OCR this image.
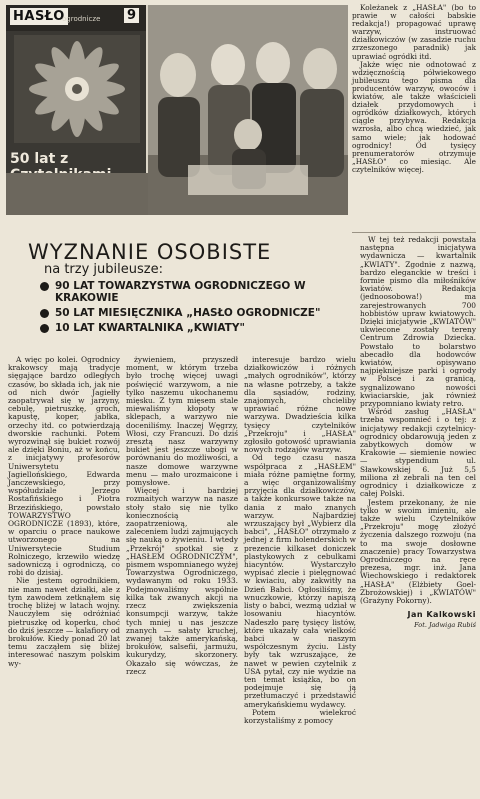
HASŁO
ogrodnicze 9
50 lat z

Koleżanek z „HASŁA" (bo to prawie w całości babskie redakcja!) propagować uprawę warzyw, instruować działkowiczów (w zasadzie ruchu zrzeszonego paradnik) jak uprawiać ogródki itd.

Jakże więc nie odnotować z wdzięcznością półwiekowego jubileuszu tego pisma dla producentów warzyw, owoców i kwiatów, ale także właścicieli działek przydomowych i ogródków działkowych, których ciągle przybywa. Redakcja wzrosła, albo chcą wiedzieć, jak samo wiele; jak hodować ogrodnicy! Od tysięcy prenumeratorów otrzymuje „HASŁO" co miesiąc. Ale czytelników więcej.

WYZNANIE OSOBISTE
na trzy jubileusze:
90 LAT TOWARZYSTWA OGRODNICZEGO W KRAKOWIE
50 LAT MIESIĘCZNIKA „HASŁO OGRODNICZE"
10 LAT KWARTALNIKA „KWIATY"

W tej też redakcji powstała następna inicjatywa wydawnicza — kwartalnik „KWIATY". Zgodnie z nazwą, bardzo eleganckie w treści i formie pismo dla miłośników kwiatów. Redakcja (jednoosobowa!) ma zarejestrowanych 700 hobbistów upraw kwiatowych. Dzięki inicjatywie „KWIATÓW" ukwiecone zostały tereny Centrum Zdrowia Dziecka. Powstało to bolarstwo abecadło dla hodowców kwiatów, opisywano najpiękniejsze parki i ogrody w Polsce i za granicą, sygnalizowano nowości kwiaciarskie, jak również przypomniano kwiaty retro.

Wśród zasług „HASŁA" trzeba wspomnieć i o tej: z inicjatywy redakcji czytelnicy-ogrodnicy obdarowują jeden z zabytkowych domów w Krakowie — siemienie nowiec — stypendium ul. Sławkowskiej 6. Już 5,5 miliona zł zebrali na ten cel ogrodnicy i działkowicze z całej Polski.

Jestem przekonany, że nie tylko w swoim imieniu, ale także wielu Czytelników „Przekroju" mogę złożyć życzenia dalszego rozwoju (na to ma swoje dosłowne znaczenie) pracy Towarzystwa Ogrodniczego na ręce prezesa, mgr. inż. Jana Wiechowskiego i redaktorek „HASŁA" (Elżbiety Goel-Zbrożowskiej) i „KWIATÓW" (Grażyny Pokorny).

Jan Kalkowski
Fot. Jadwiga Rubiś

A więc po kolei. Ogrodnicy krakowscy mają tradycje sięgające bardzo odległych czasów, bo składa ich, jak nie od nich dwór Jagiełły zaopatrywał się w jarzyny, cebulę, pietruszkę, groch, kapustę, koper, jabłka, orzechy itd. co potwierdzają dworskie rachunki. Potem wyrozwinął się bukiet rozwój ale dzięki Boniu, aż w końcu, z inicjatywy profesorów Uniwersytetu Jagiellońskiego, Edwarda Janczewskiego, przy współudziale Jerzego Rostafińskiego i Piotra Brzezińskiego, powstało TOWARZYSTWO OGRODNICZE (1893), które, w oparciu o prace naukowe utworzonego na Uniwersytecie Studium Rolniczego, krzewiło wiedzę sadowniczą i ogrodniczą, co robi do dzisiaj.

Nie jestem ogrodnikiem, nie mam nawet działki, ale z tym zawodem zetknąłem się trochę bliżej w latach wojny. Nauczyłem się odróżniać pietruszkę od koperku, choć do dziś jeszcze — kalafiory od brokułów. Kiedy ponad 20 lat temu zacząłem się bliżej interesować naszym polskim wy-

żywieniem, przyszedł moment, w którym trzeba było trochę więcej uwagi poświęcić warzywom, a nie tylko naszemu ukochanemu mięsku. Z tym mięsem stale miewaliśmy kłopoty w sklepach, a warzywo nie doceniliśmy. Inaczej Węgrzy, Włosi, czy Francuzi. Do dziś zresztą nasz warzywny bukiet jest jeszcze ubogi w porównaniu do możliwości, a nasze domowe warzywne menu — mało urozmaicone i pomysłowe.

Więcej i bardziej rozmaitych warzyw na nasze stoły stało się nie tylko koniecznością zaopatrzeniową, ale zaleceniem ludzi zajmujących się nauką o żywieniu. I wtedy „Przekrój" spotkał się z „HASŁEM OGRODNICZYM", pismem wspomnianego wyżej Towarzystwa Ogrodniczego, wydawanym od roku 1933. Podejmowaliśmy wspólnie kilka tak zwanych akcji na rzecz zwiększenia konsumpcji warzyw, także tych mniej u nas jeszcze znanych — sałaty kruchej, zwanej także amerykańską, brokułów, salsefii, jarmużu, kukurydzy, skorzonery. Okazało się wówczas, że rzecz

interesuje bardzo wielu działkowiczów i różnych „małych ogrodników", którzy na własne potrzeby, a także dla sąsiadów, rodziny, znajomych, chcieliby uprawiać różne nowe warzywa. Dwadzieścia kilka tysięcy czytelników „Przekroju" i „HASŁA" zgłosiło gotowość uprawiania nowych rodzajów warzyw.

Od tego czasu nasza współpraca z „HASŁEM" miała różne pamiętne formy, a więc organizowaliśmy przyjęcia dla działkowiczów, a także konkursowe także na dania z mało znanych warzyw. Najbardziej wrzuszający był „Wybierz dla babci", „HASŁO" otrzymało z jednej z firm holenderskich w prezencie kilkaset doniczek plastykowych z cebulkami hiacyntów. Wystarczyło wypisać zlecie i pielęgnować w kwiaciu, aby zakwitły na Dzień Babci. Ogłosiliśmy, że wnuczkowie, którzy napiszą listy o babci, wezmą udział w losowaniu hiacyntów. Nadeszło parę tysięcy listów, które ukazały cała wielkość babci w naszym współczesnym życiu. Listy były tak wzruszające, że nawet w pewien czytelnik z USA pytał, czy nie wydzie na ten temat książka, bo on podejmuje się ją przetłumaczyć i przedstawić amerykańskiemu wydawcy.

Potem wielekroć korzystaliśmy z pomocy
